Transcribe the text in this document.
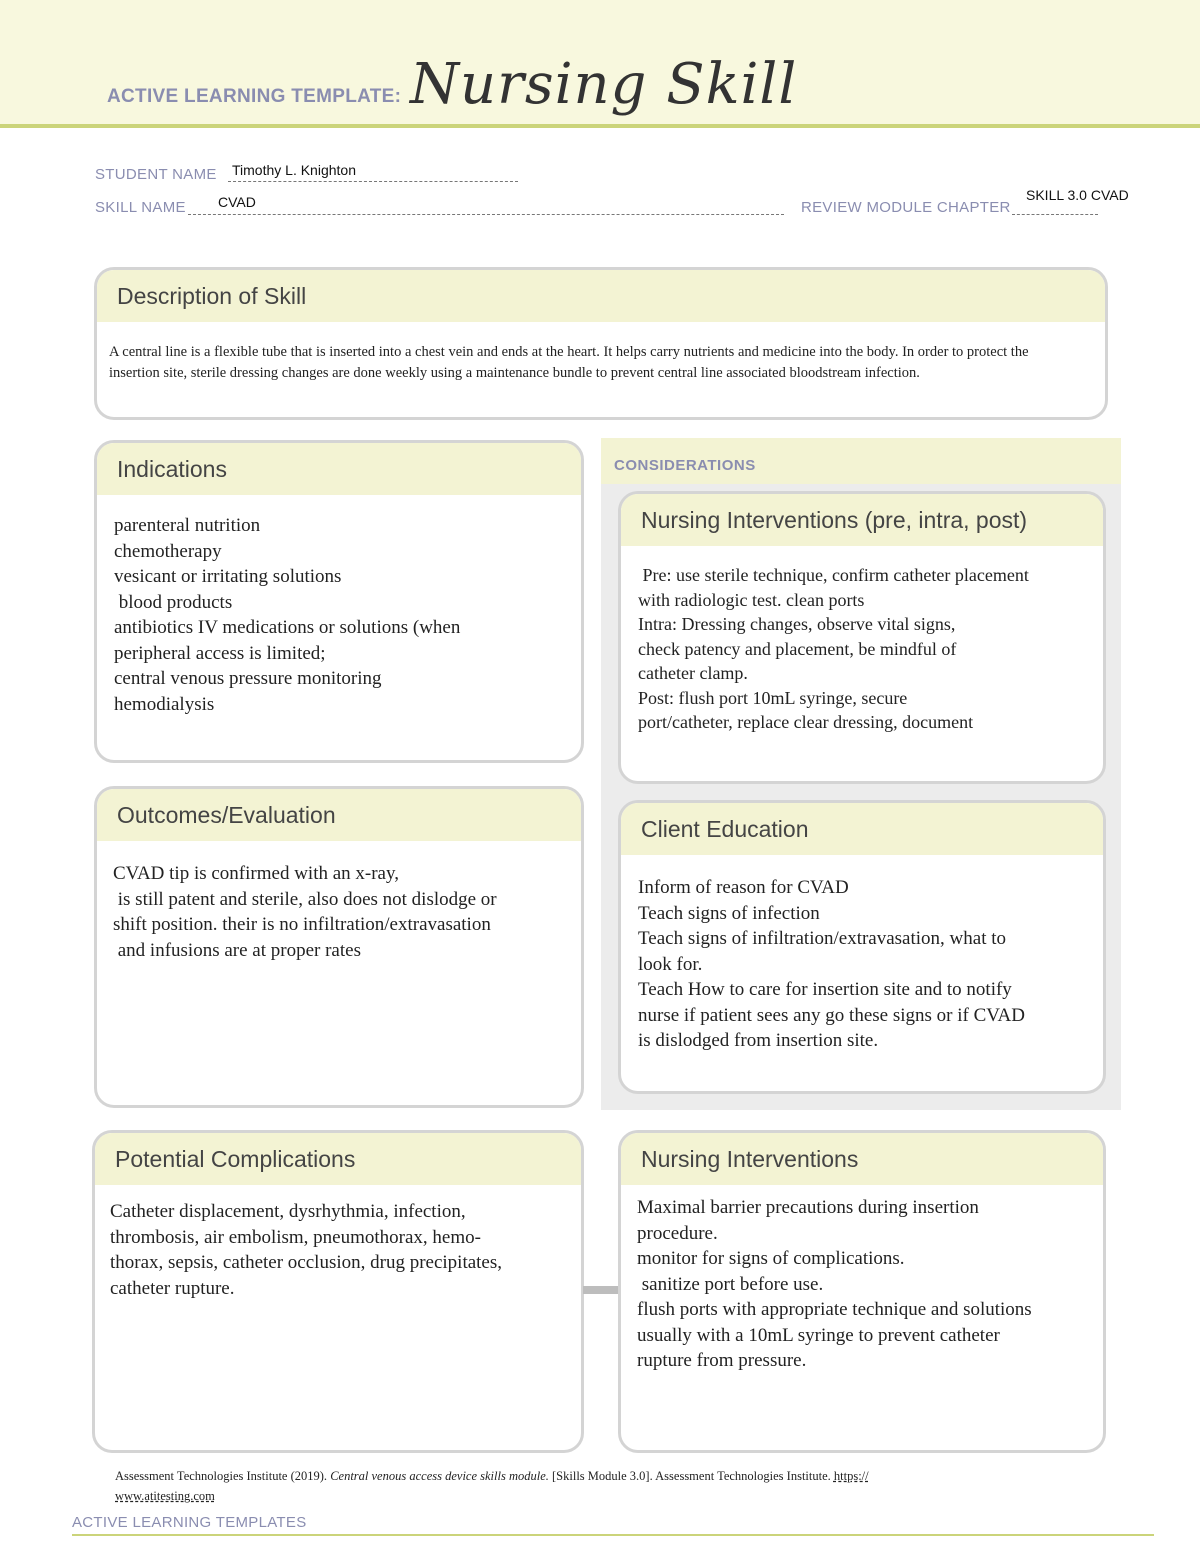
ACTIVE LEARNING TEMPLATE: Nursing Skill
STUDENT NAME Timothy L. Knighton
SKILL NAME CVAD	REVIEW MODULE CHAPTER
SKILL 3.0 CVAD
Description of Skill
A central line is a flexible tube that is inserted into a chest vein and ends at the heart. It helps carry nutrients and medicine into the body. In order to protect the insertion site, sterile dressing changes are done weekly using a maintenance bundle to prevent central line associated bloodstream infection.
CONSIDERATIONS
Indications
parenteral nutrition
chemotherapy
vesicant or irritating solutions
blood products
antibiotics IV medications or solutions (when
peripheral access is limited;
central venous pressure monitoring
hemodialysis
Nursing Interventions (pre, intra, post)
Pre: use sterile technique, confirm catheter placement
with radiologic test. clean ports
Intra: Dressing changes, observe vital signs,
check patency and placement, be mindful of
catheter clamp.
Post: flush port 10mL syringe, secure
port/catheter, replace clear dressing, document
Outcomes/Evaluation
CVAD tip is confirmed with an x-ray,
is still patent and sterile, also does not dislodge or
shift position. their is no infiltration/extravasation
and infusions are at proper rates
Client Education
Inform of reason for CVAD
Teach signs of infection
Teach signs of infiltration/extravasation, what to
look for.
Teach How to care for insertion site and to notify
nurse if patient sees any go these signs or if CVAD
is dislodged from insertion site.
Potential Complications
Catheter displacement, dysrhythmia, infection,
thrombosis, air embolism, pneumothorax, hemo-
thorax, sepsis, catheter occlusion, drug precipitates,
catheter rupture.
Nursing Interventions
Maximal barrier precautions during insertion
procedure.
monitor for signs of complications.
sanitize port before use.
flush ports with appropriate technique and solutions
usually with a 10mL syringe to prevent catheter
rupture from pressure.
Assessment Technologies Institute (2019). Central venous access device skills module. [Skills Module 3.0]. Assessment Technologies Institute. https://
www.atitesting.com
ACTIVE LEARNING TEMPLATES
